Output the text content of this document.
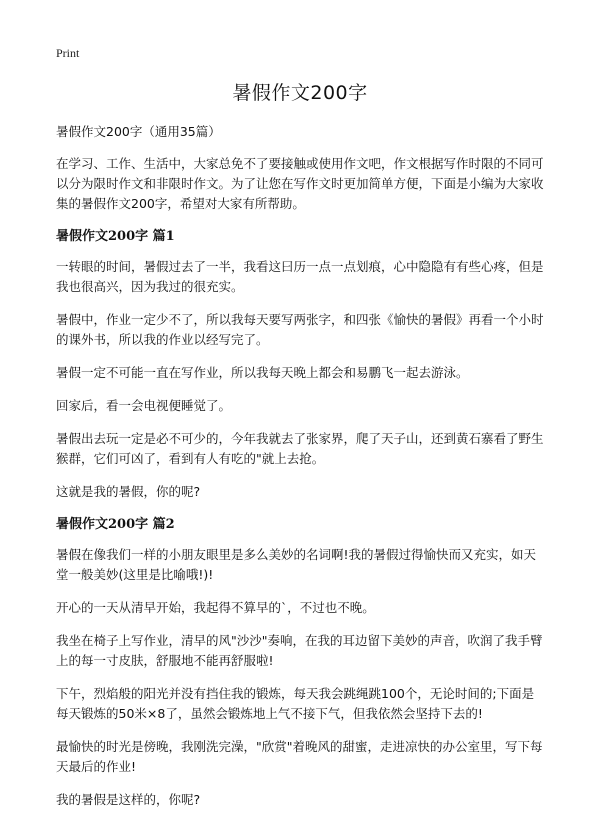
Print
暑假作文200字

暑假作文200字（通用35篇）

在学习、工作、生活中，大家总免不了要接触或使用作文吧，作文根据写作时限的不同可以分为限时作文和非限时作文。为了让您在写作文时更加简单方便，下面是小编为大家收集的暑假作文200字，希望对大家有所帮助。

暑假作文200字 篇1

一转眼的时间，暑假过去了一半，我看这曰历一点一点划痕，心中隐隐有有些心疼，但是我也很高兴，因为我过的很充实。

暑假中，作业一定少不了，所以我每天要写两张字，和四张《愉快的暑假》再看一个小时的课外书，所以我的作业以经写完了。

暑假一定不可能一直在写作业，所以我每天晚上都会和易鹏飞一起去游泳。

回家后，看一会电视便睡觉了。

暑假出去玩一定是必不可少的，今年我就去了张家界，爬了天子山，还到黄石寨看了野生猴群，它们可凶了，看到有人有吃的"就上去抢。

这就是我的暑假，你的呢?

暑假作文200字 篇2

暑假在像我们一样的小朋友眼里是多么美妙的名词啊!我的暑假过得愉快而又充实，如天堂一般美妙(这里是比喻哦!)!

开心的一天从清早开始，我起得不算早的`，不过也不晚。

我坐在椅子上写作业，清早的风"沙沙"奏响，在我的耳边留下美妙的声音，吹润了我手臂上的每一寸皮肤，舒服地不能再舒服啦!

下午，烈焰般的阳光并没有挡住我的锻炼，每天我会跳绳跳100个，无论时间的;下面是每天锻炼的50米×8了，虽然会锻炼地上气不接下气，但我依然会坚持下去的!

最愉快的时光是傍晚，我刚洗完澡，"欣赏"着晚风的甜蜜，走进凉快的办公室里，写下每天最后的作业!

我的暑假是这样的，你呢?
